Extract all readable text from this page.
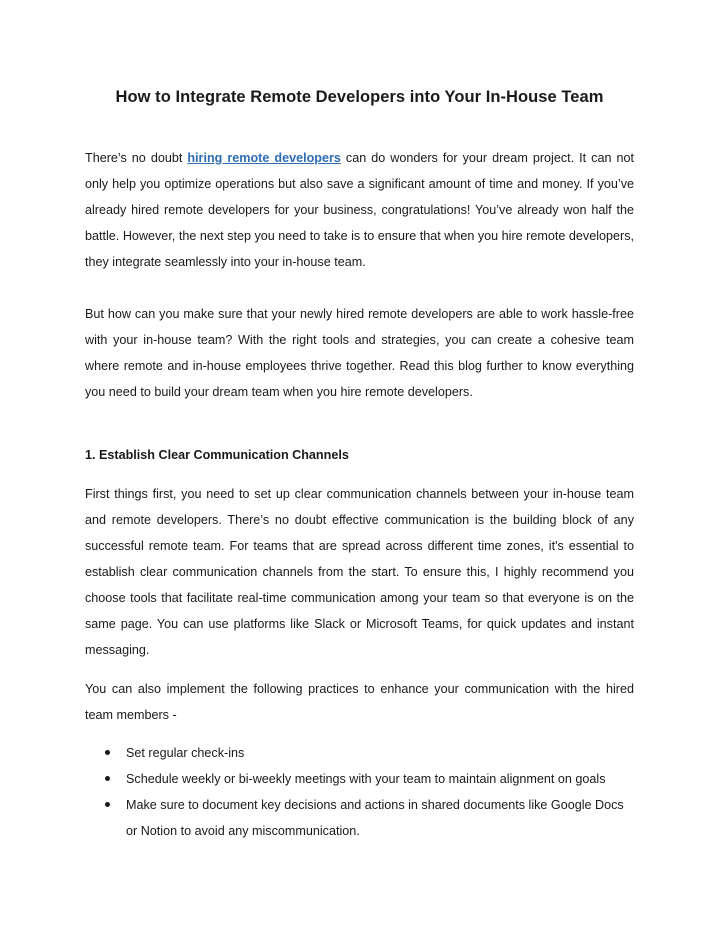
How to Integrate Remote Developers into Your In-House Team

There’s no doubt hiring remote developers can do wonders for your dream project. It can not only help you optimize operations but also save a significant amount of time and money. If you’ve already hired remote developers for your business, congratulations! You’ve already won half the battle. However, the next step you need to take is to ensure that when you hire remote developers, they integrate seamlessly into your in-house team.

But how can you make sure that your newly hired remote developers are able to work hassle-free with your in-house team? With the right tools and strategies, you can create a cohesive team where remote and in-house employees thrive together. Read this blog further to know everything you need to build your dream team when you hire remote developers.

1. Establish Clear Communication Channels

First things first, you need to set up clear communication channels between your in-house team and remote developers. There’s no doubt effective communication is the building block of any successful remote team. For teams that are spread across different time zones, it's essential to establish clear communication channels from the start. To ensure this, I highly recommend you choose tools that facilitate real-time communication among your team so that everyone is on the same page. You can use platforms like Slack or Microsoft Teams, for quick updates and instant messaging.

You can also implement the following practices to enhance your communication with the hired team members -

Set regular check-ins
Schedule weekly or bi-weekly meetings with your team to maintain alignment on goals
Make sure to document key decisions and actions in shared documents like Google Docs or Notion to avoid any miscommunication.
